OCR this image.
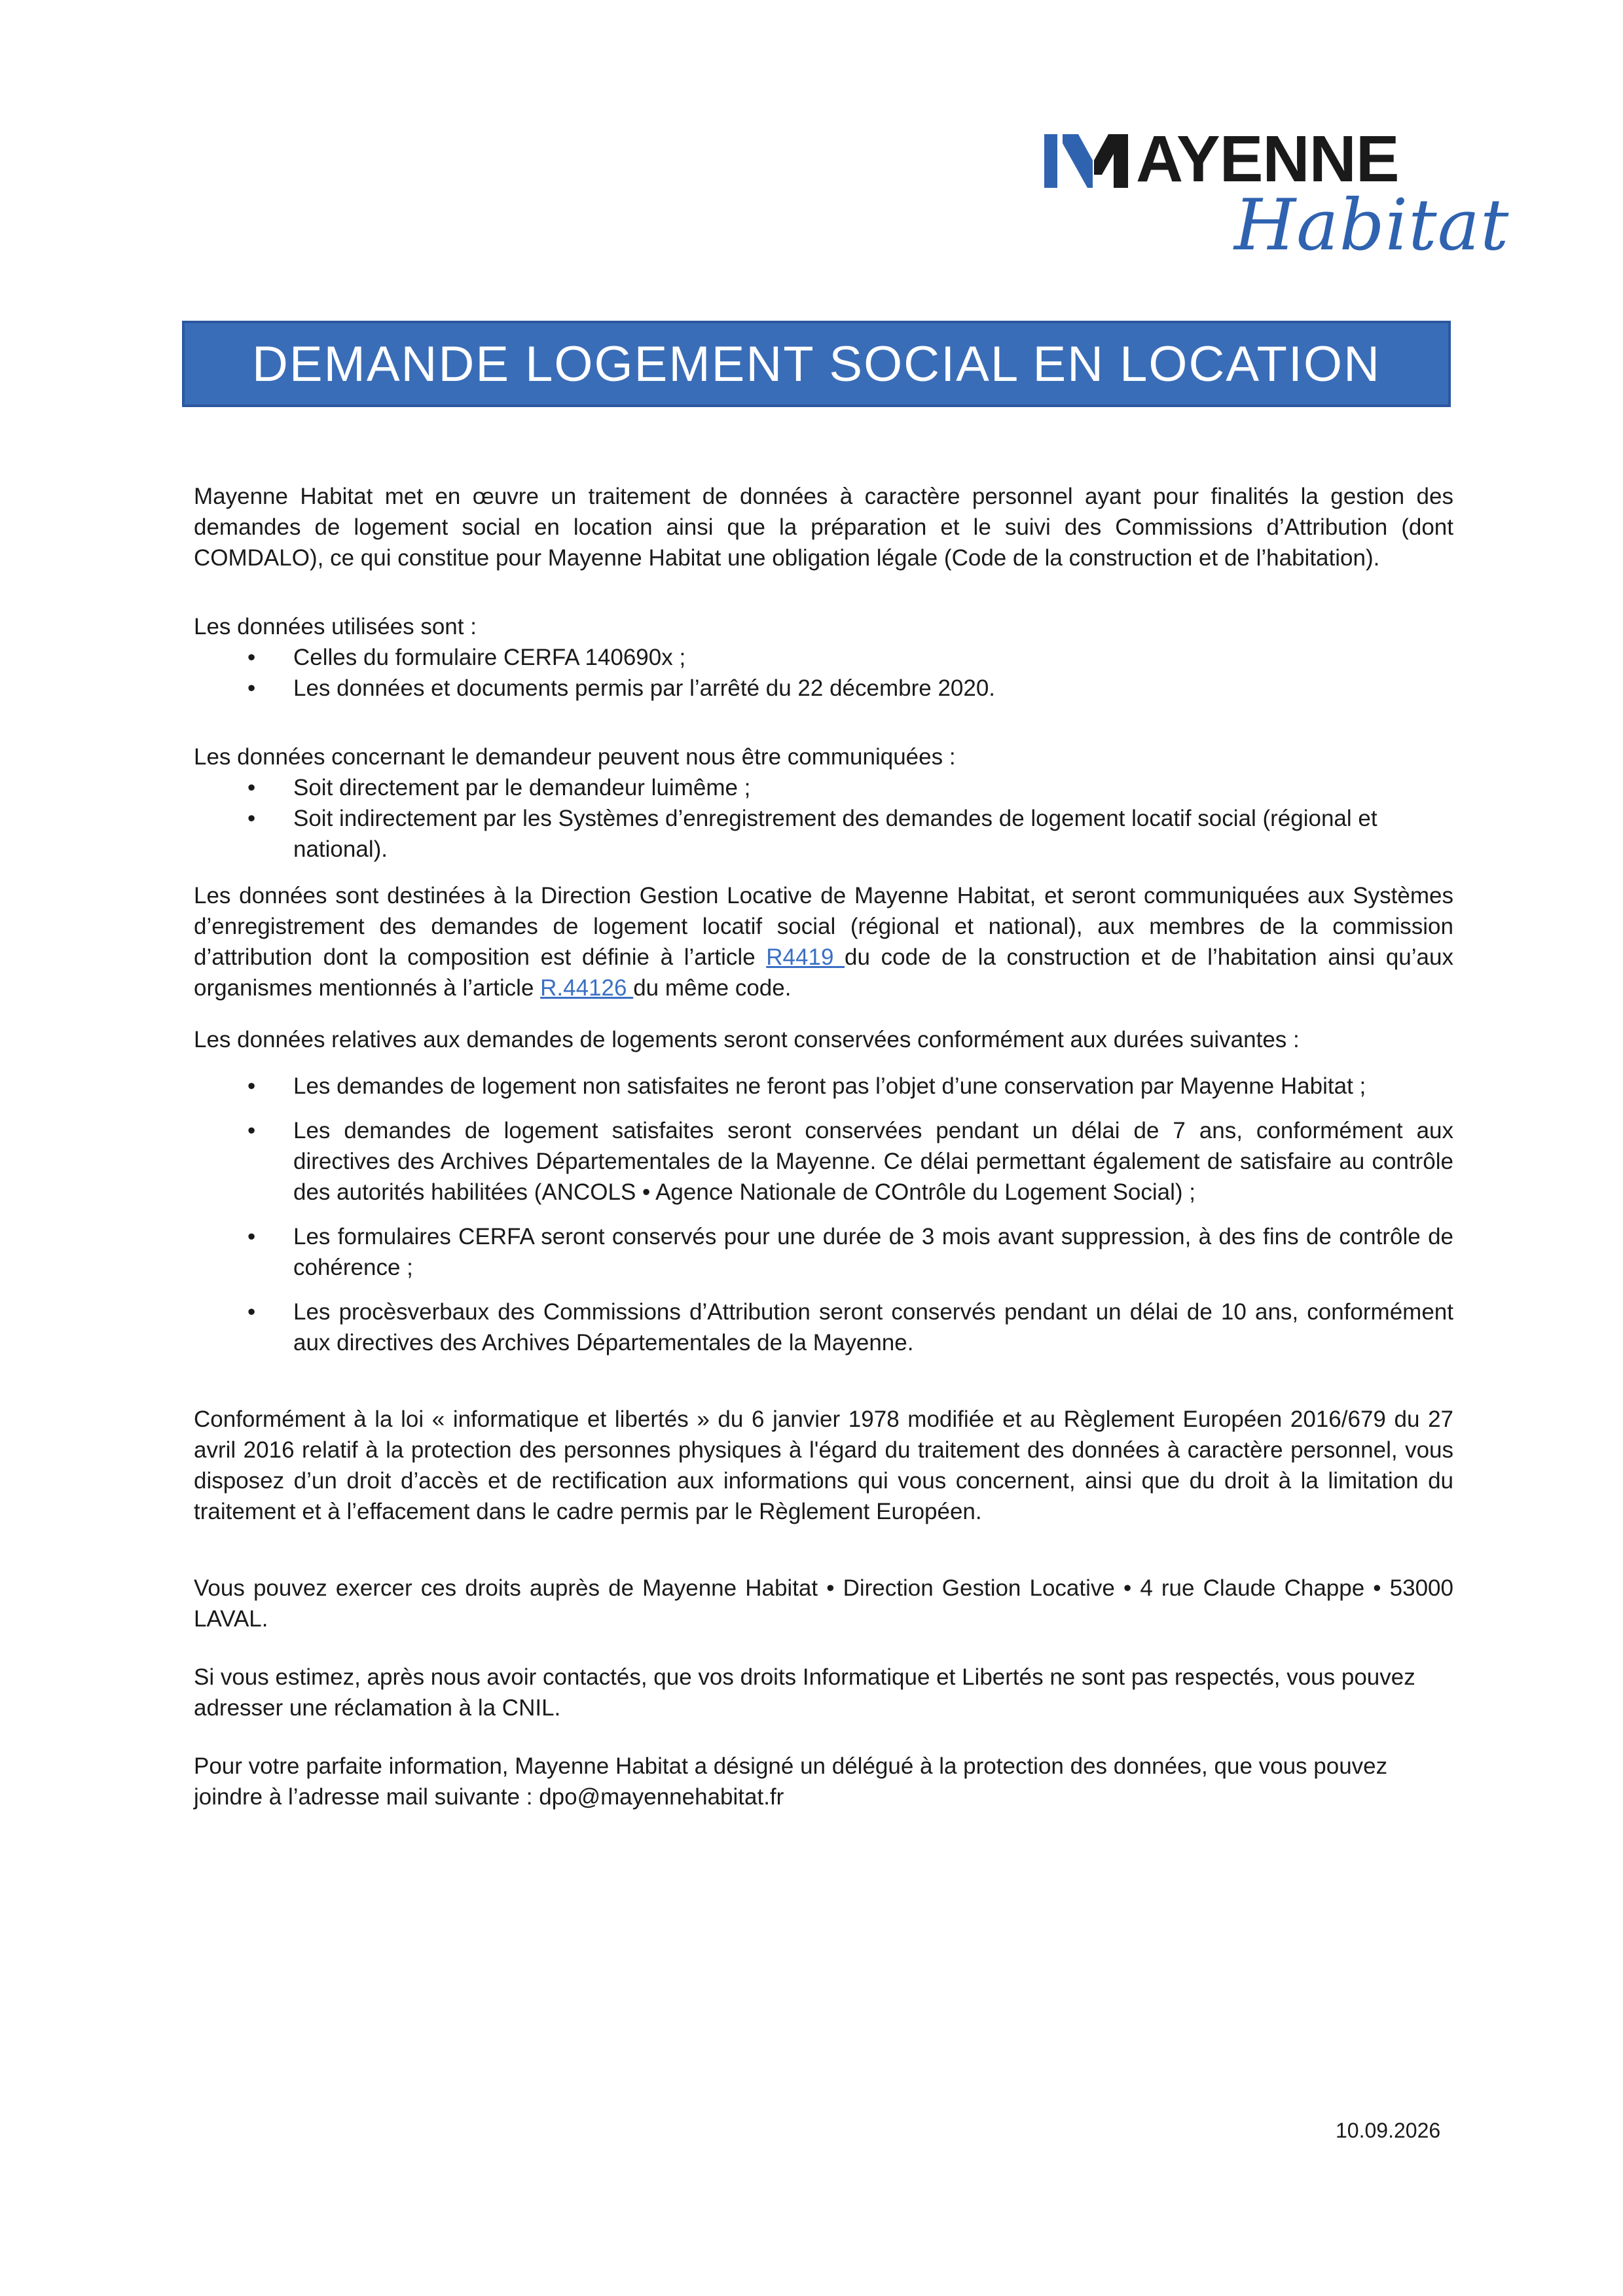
AYENNE
Habitat
DEMANDE LOGEMENT SOCIAL EN LOCATION

Mayenne Habitat met en œuvre un traitement de données à caractère personnel ayant pour finalités la gestion des demandes de logement social en location ainsi que la préparation et le suivi des Commissions d’Attribution (dont COMDALO), ce qui constitue pour Mayenne Habitat une obligation légale (Code de la construction et de l’habitation).

Les données utilisées sont :

• Celles du formulaire CERFA 140690x ;
• Les données et documents permis par l’arrêté du 22 décembre 2020.

Les données concernant le demandeur peuvent nous être communiquées :

• Soit directement par le demandeur luimême ;
• Soit indirectement par les Systèmes d’enregistrement des demandes de logement locatif social (régional et national).

Les données sont destinées à la Direction Gestion Locative de Mayenne Habitat, et seront communiquées aux Systèmes d’enregistrement des demandes de logement locatif social (régional et national), aux membres de la commission d’attribution dont la composition est définie à l’article R4419 du code de la construction et de l’habitation ainsi qu’aux organismes mentionnés à l’article R.44126 du même code.

Les données relatives aux demandes de logements seront conservées conformément aux durées suivantes :

• Les demandes de logement non satisfaites ne feront pas l’objet d’une conservation par Mayenne Habitat ;
• Les demandes de logement satisfaites seront conservées pendant un délai de 7 ans, conformément aux directives des Archives Départementales de la Mayenne. Ce délai permettant également de satisfaire au contrôle des autorités habilitées (ANCOLS • Agence Nationale de COntrôle du Logement Social) ;
• Les formulaires CERFA seront conservés pour une durée de 3 mois avant suppression, à des fins de contrôle de cohérence ;
• Les procèsverbaux des Commissions d’Attribution seront conservés pendant un délai de 10 ans, conformément aux directives des Archives Départementales de la Mayenne.

Conformément à la loi « informatique et libertés » du 6 janvier 1978 modifiée et au Règlement Européen 2016/679 du 27 avril 2016 relatif à la protection des personnes physiques à l'égard du traitement des données à caractère personnel, vous disposez d’un droit d’accès et de rectification aux informations qui vous concernent, ainsi que du droit à la limitation du traitement et à l’effacement dans le cadre permis par le Règlement Européen.

Vous pouvez exercer ces droits auprès de Mayenne Habitat • Direction Gestion Locative • 4 rue Claude Chappe • 53000 LAVAL.

Si vous estimez, après nous avoir contactés, que vos droits Informatique et Libertés ne sont pas respectés, vous pouvez adresser une réclamation à la CNIL.

Pour votre parfaite information, Mayenne Habitat a désigné un délégué à la protection des données, que vous pouvez joindre à l’adresse mail suivante : dpo@mayennehabitat.fr

10.09.2026
